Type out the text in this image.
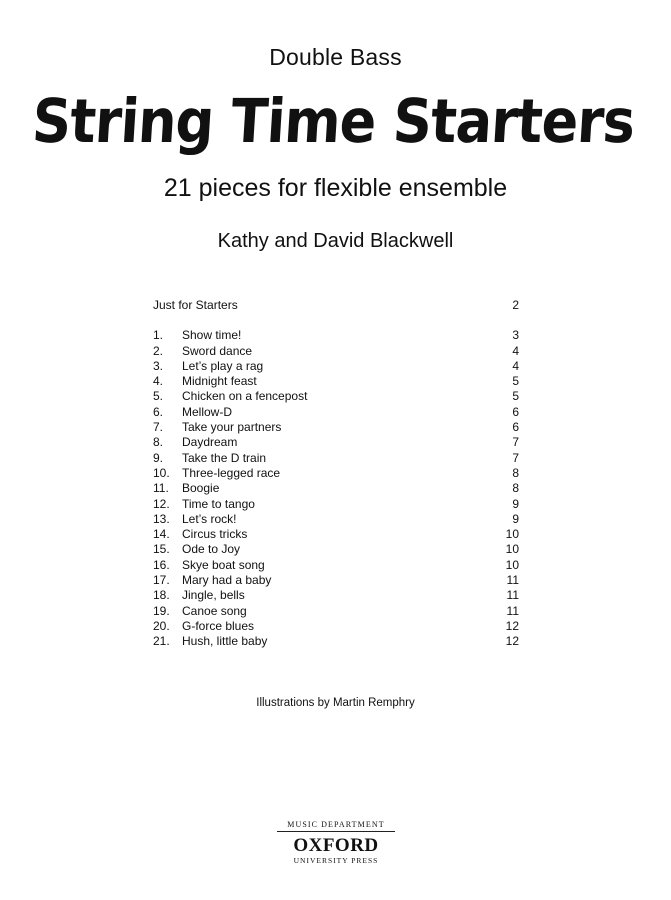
Double Bass
String Time Starters
21 pieces for flexible ensemble
Kathy and David Blackwell
Just for Starters	2
1. Show time!	3
2. Sword dance	4
3. Let’s play a rag	4
4. Midnight feast	5
5. Chicken on a fencepost	5
6. Mellow-D	6
7. Take your partners	6
8. Daydream	7
9. Take the D train	7
10. Three-legged race	8
11. Boogie	8
12. Time to tango	9
13. Let’s rock!	9
14. Circus tricks	10
15. Ode to Joy	10
16. Skye boat song	10
17. Mary had a baby	11
18. Jingle, bells	11
19. Canoe song	11
20. G-force blues	12
21. Hush, little baby	12
Illustrations by Martin Remphry
MUSIC DEPARTMENT
OXFORD
UNIVERSITY PRESS
